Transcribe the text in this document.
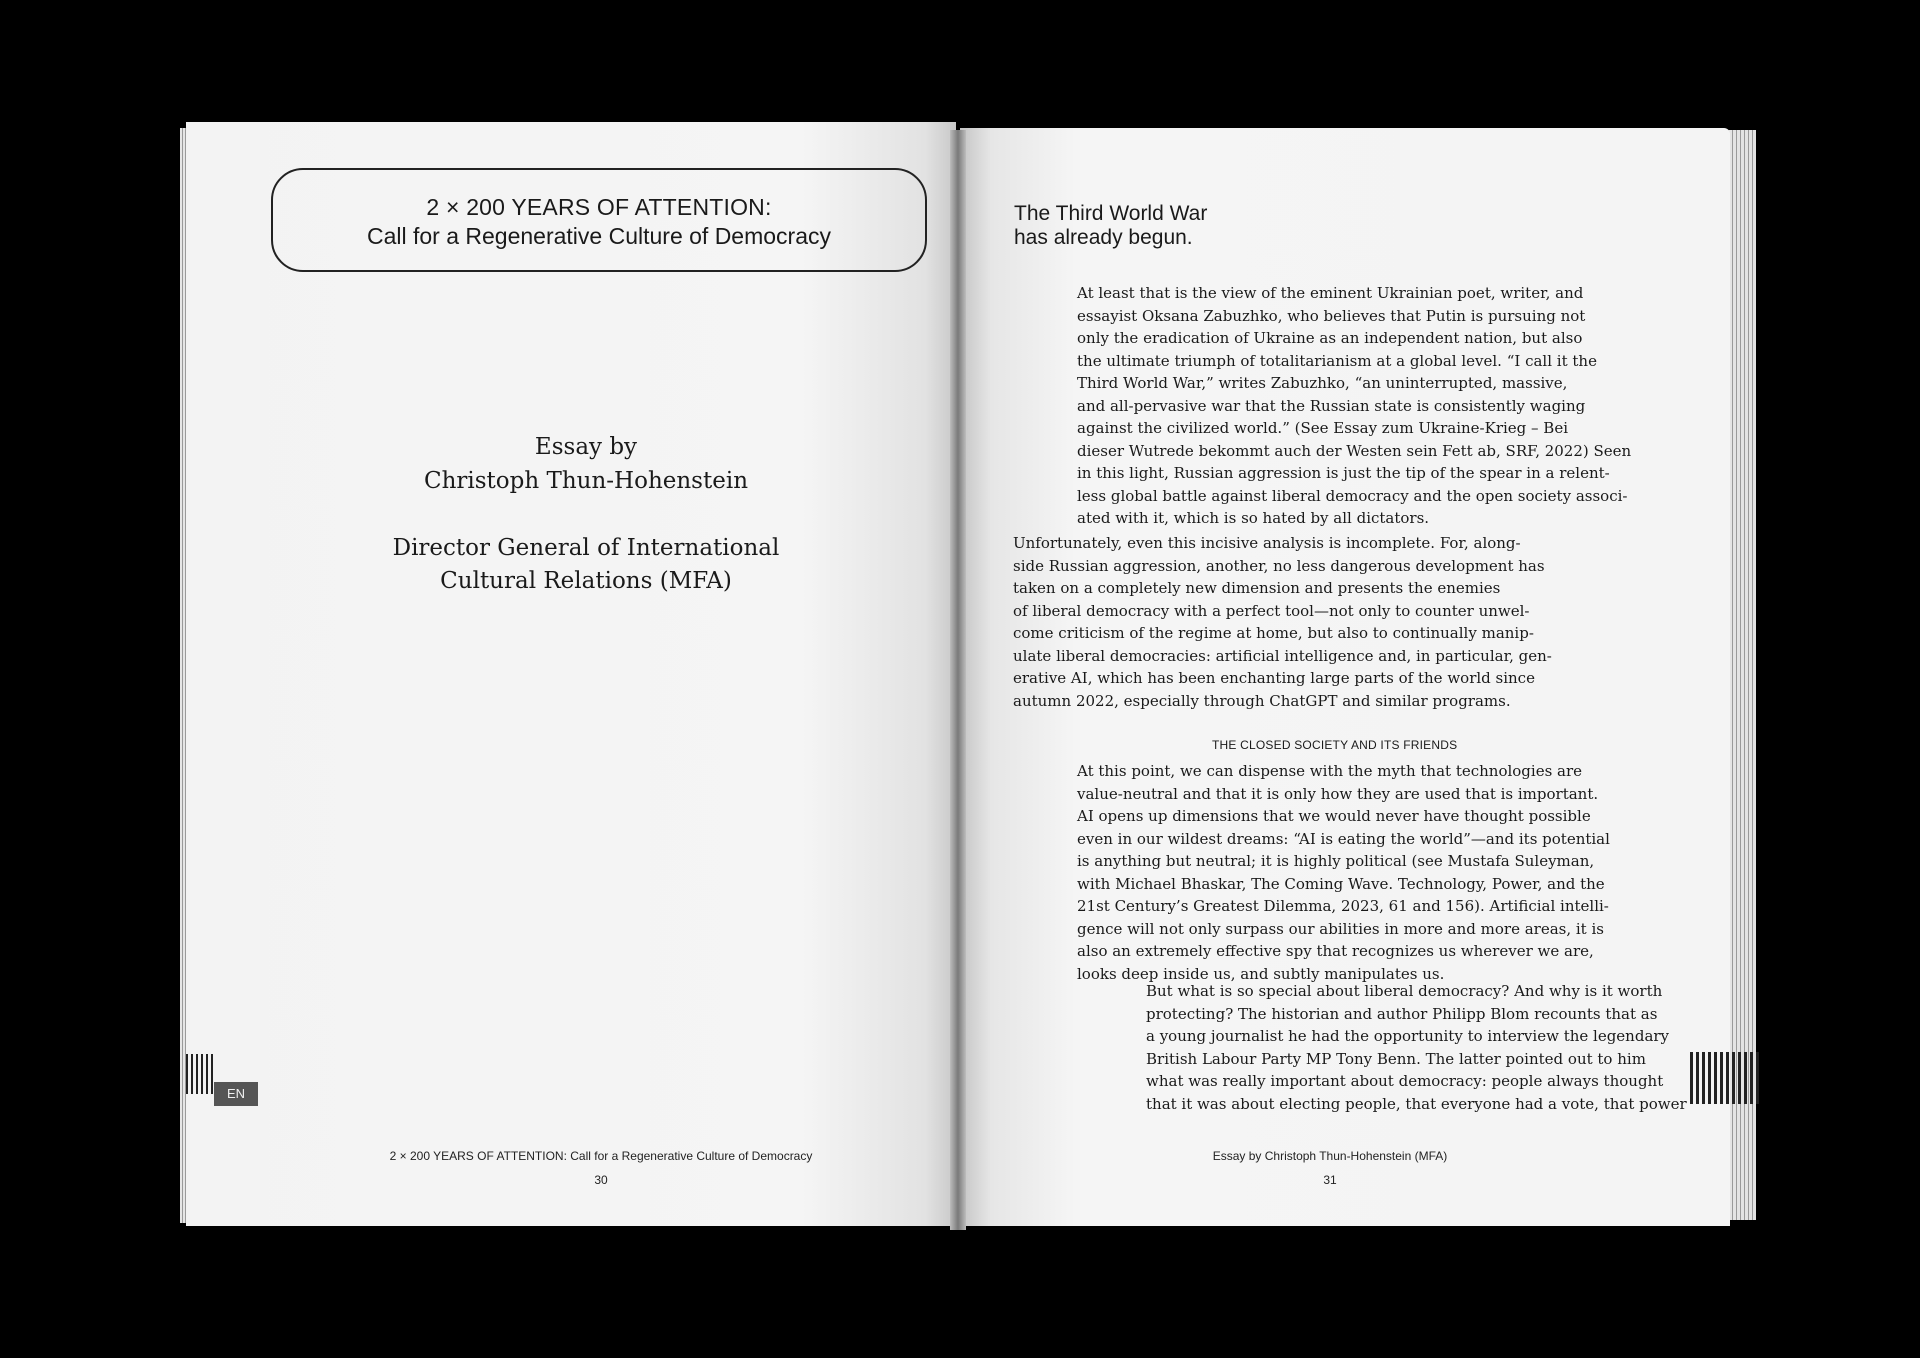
2 × 200 YEARS OF ATTENTION:
Call for a Regenerative Culture of Democracy
Essay by
Christoph Thun-Hohenstein
Director General of International
Cultural Relations (MFA)
EN
2 × 200 YEARS OF ATTENTION: Call for a Regenerative Culture of Democracy
30
The Third World War
has already begun.
At least that is the view of the eminent Ukrainian poet, writer, and
essayist Oksana Zabuzhko, who believes that Putin is pursuing not
only the eradication of Ukraine as an independent nation, but also
the ultimate triumph of totalitarianism at a global level. “I call it the
Third World War,” writes Zabuzhko, “an uninterrupted, massive,
and all-pervasive war that the Russian state is consistently waging
against the civilized world.” (See Essay zum Ukraine-Krieg – Bei
dieser Wutrede bekommt auch der Westen sein Fett ab, SRF, 2022) Seen
in this light, Russian aggression is just the tip of the spear in a relent-
less global battle against liberal democracy and the open society associ-
ated with it, which is so hated by all dictators.
Unfortunately, even this incisive analysis is incomplete. For, along-
side Russian aggression, another, no less dangerous development has
taken on a completely new dimension and presents the enemies
of liberal democracy with a perfect tool—not only to counter unwel-
come criticism of the regime at home, but also to continually manip-
ulate liberal democracies: artificial intelligence and, in particular, gen-
erative AI, which has been enchanting large parts of the world since
autumn 2022, especially through ChatGPT and similar programs.
THE CLOSED SOCIETY AND ITS FRIENDS
At this point, we can dispense with the myth that technologies are
value-neutral and that it is only how they are used that is important.
AI opens up dimensions that we would never have thought possible
even in our wildest dreams: “AI is eating the world”—and its potential
is anything but neutral; it is highly political (see Mustafa Suleyman,
with Michael Bhaskar, The Coming Wave. Technology, Power, and the
21st Century’s Greatest Dilemma, 2023, 61 and 156). Artificial intelli-
gence will not only surpass our abilities in more and more areas, it is
also an extremely effective spy that recognizes us wherever we are,
looks deep inside us, and subtly manipulates us.
But what is so special about liberal democracy? And why is it worth
protecting? The historian and author Philipp Blom recounts that as
a young journalist he had the opportunity to interview the legendary
British Labour Party MP Tony Benn. The latter pointed out to him
what was really important about democracy: people always thought
that it was about electing people, that everyone had a vote, that power
Essay by Christoph Thun-Hohenstein (MFA)
31
